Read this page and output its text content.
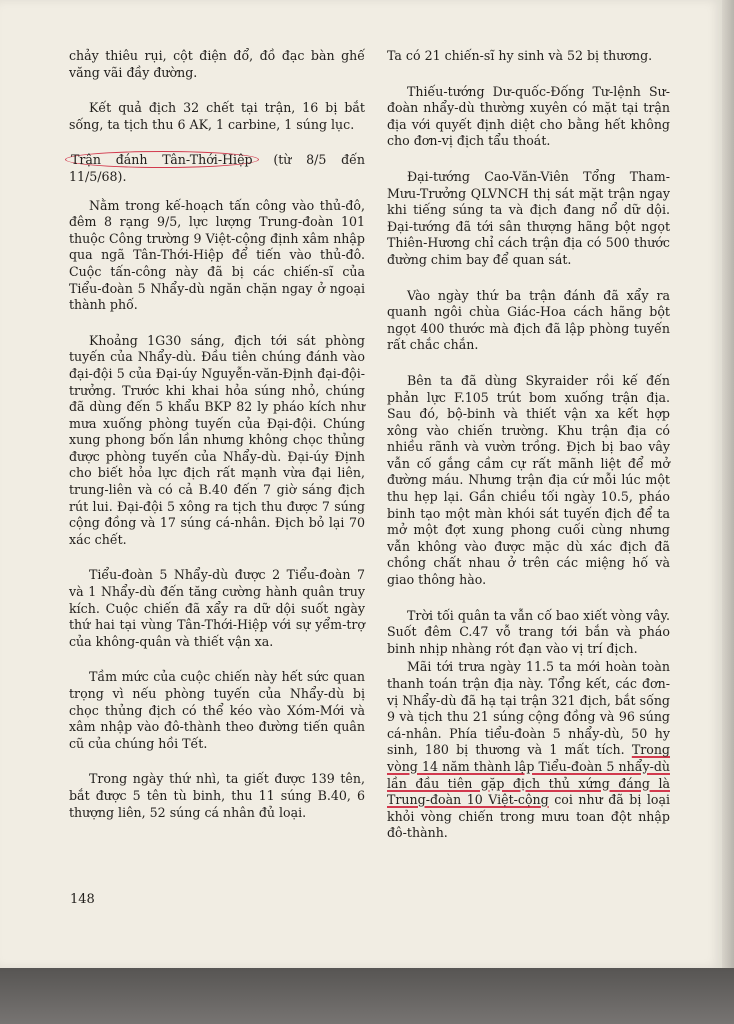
chảy thiêu rụi, cột điện đổ, đồ đạc bàn ghế văng vãi đầy đường.

Kết quả địch 32 chết tại trận, 16 bị bắt sống, ta tịch thu 6 AK, 1 carbine, 1 súng lục.

Trận đánh Tân-Thới-Hiệp (từ 8/5 đến 11/5/68).

Nằm trong kế-hoạch tấn công vào thủ-đô, đêm 8 rạng 9/5, lực lượng Trung-đoàn 101 thuộc Công trường 9 Việt-cộng định xâm nhập qua ngã Tân-Thới-Hiệp để tiến vào thủ-đô. Cuộc tấn-công này đã bị các chiến-sĩ của Tiểu-đoàn 5 Nhẩy-dù ngăn chặn ngay ở ngoại thành phố.

Khoảng 1G30 sáng, địch tới sát phòng tuyến của Nhẩy-dù. Đầu tiên chúng đánh vào đại-đội 5 của Đại-úy Nguyễn-văn-Định đại-đội-trưởng. Trước khi khai hỏa súng nhỏ, chúng đã dùng đến 5 khẩu BKP 82 ly pháo kích như mưa xuống phòng tuyến của Đại-đội. Chúng xung phong bốn lần nhưng không chọc thủng được phòng tuyến của Nhẩy-dù. Đại-úy Định cho biết hỏa lực địch rất mạnh vừa đại liên, trung-liên và có cả B.40 đến 7 giờ sáng địch rút lui. Đại-đội 5 xông ra tịch thu được 7 súng cộng đồng và 17 súng cá-nhân. Địch bỏ lại 70 xác chết.

Tiểu-đoàn 5 Nhẩy-dù được 2 Tiểu-đoàn 7 và 1 Nhẩy-dù đến tăng cường hành quân truy kích. Cuộc chiến đã xẩy ra dữ dội suốt ngày thứ hai tại vùng Tân-Thới-Hiệp với sự yểm-trợ của không-quân và thiết vận xa.

Tầm mức của cuộc chiến này hết sức quan trọng vì nếu phòng tuyến của Nhẩy-dù bị chọc thủng địch có thể kéo vào Xóm-Mới và xâm nhập vào đô-thành theo đường tiến quân cũ của chúng hồi Tết.

Trong ngày thứ nhì, ta giết được 139 tên, bắt được 5 tên tù binh, thu 11 súng B.40, 6 thượng liên, 52 súng cá nhân đủ loại.

Ta có 21 chiến-sĩ hy sinh và 52 bị thương.

Thiếu-tướng Dư-quốc-Đống Tư-lệnh Sư-đoàn nhẩy-dù thường xuyên có mặt tại trận địa với quyết định diệt cho bằng hết không cho đơn-vị địch tẩu thoát.

Đại-tướng Cao-Văn-Viên Tổng Tham-Mưu-Trưởng QLVNCH thị sát mặt trận ngay khi tiếng súng ta và địch đang nổ dữ dội. Đại-tướng đã tới sân thượng hãng bột ngọt Thiên-Hương chỉ cách trận địa có 500 thước đường chim bay để quan sát.

Vào ngày thứ ba trận đánh đã xẩy ra quanh ngôi chùa Giác-Hoa cách hãng bột ngọt 400 thước mà địch đã lập phòng tuyến rất chắc chắn.

Bên ta đã dùng Skyraider rồi kế đến phản lực F.105 trút bom xuống trận địa. Sau đó, bộ-binh và thiết vận xa kết hợp xông vào chiến trường. Khu trận địa có nhiều rãnh và vườn trồng. Địch bị bao vây vẫn cố gắng cầm cự rất mãnh liệt để mở đường máu. Nhưng trận địa cứ mỗi lúc một thu hẹp lại. Gần chiều tối ngày 10.5, pháo binh tạo một màn khói sát tuyến địch để ta mở một đợt xung phong cuối cùng nhưng vẫn không vào được mặc dù xác địch đã chồng chất nhau ở trên các miệng hố và giao thông hào.

Trời tối quân ta vẫn cố bao xiết vòng vây. Suốt đêm C.47 vỗ trang tới bắn và pháo binh nhịp nhàng rót đạn vào vị trí địch.

Mãi tới trưa ngày 11.5 ta mới hoàn toàn thanh toán trận địa này. Tổng kết, các đơn-vị Nhẩy-dù đã hạ tại trận 321 địch, bắt sống 9 và tịch thu 21 súng cộng đồng và 96 súng cá-nhân. Phía tiểu-đoàn 5 nhẩy-dù, 50 hy sinh, 180 bị thương và 1 mất tích. Trong vòng 14 năm thành lập Tiểu-đoàn 5 nhẩy-dù lần đầu tiên gặp địch thủ xứng đáng là Trung-đoàn 10 Việt-cộng coi như đã bị loại khỏi vòng chiến trong mưu toan đột nhập đô-thành.

148
